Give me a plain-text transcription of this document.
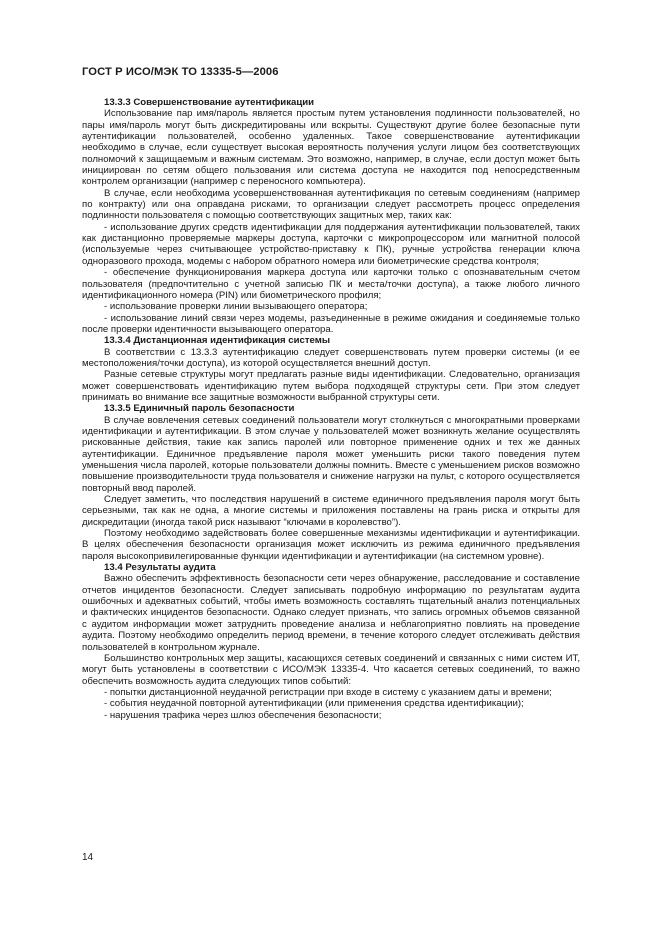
ГОСТ Р ИСО/МЭК ТО 13335-5—2006

13.3.3 Совершенствование аутентификации

Использование пар имя/пароль является простым путем установления подлинности пользователей, но пары имя/пароль могут быть дискредитированы или вскрыты. Существуют другие более безопасные пути аутентификации пользователей, особенно удаленных. Такое совершенствование аутентификации необходимо в случае, если существует высокая вероятность получения услуги лицом без соответствующих полномочий к защищаемым и важным системам. Это возможно, например, в случае, если доступ может быть инициирован по сетям общего пользования или система доступа не находится под непосредственным контролем организации (например с переносного компьютера).

В случае, если необходима усовершенствованная аутентификация по сетевым соединениям (например по контракту) или она оправдана рисками, то организации следует рассмотреть процесс определения подлинности пользователя с помощью соответствующих защитных мер, таких как:

- использование других средств идентификации для поддержания аутентификации пользователей, таких как дистанционно проверяемые маркеры доступа, карточки с микропроцессором или магнитной полосой (используемые через считывающее устройство-приставку к ПК), ручные устройства генерации ключа одноразового прохода, модемы с набором обратного номера или биометрические средства контроля;

- обеспечение функционирования маркера доступа или карточки только с опознавательным счетом пользователя (предпочтительно с учетной записью ПК и места/точки доступа), а также любого личного идентификационного номера (PIN) или биометрического профиля;

- использование проверки линии вызывающего оператора;

- использование линий связи через модемы, разъединенные в режиме ожидания и соединяемые только после проверки идентичности вызывающего оператора.

13.3.4 Дистанционная идентификация системы

В соответствии с 13.3.3 аутентификацию следует совершенствовать путем проверки системы (и ее местоположения/точки доступа), из которой осуществляется внешний доступ.

Разные сетевые структуры могут предлагать разные виды идентификации. Следовательно, организация может совершенствовать идентификацию путем выбора подходящей структуры сети. При этом следует принимать во внимание все защитные возможности выбранной структуры сети.

13.3.5 Единичный пароль безопасности

В случае вовлечения сетевых соединений пользователи могут столкнуться с многократными проверками идентификации и аутентификации. В этом случае у пользователей может возникнуть желание осуществлять рискованные действия, такие как запись паролей или повторное применение одних и тех же данных аутентификации. Единичное предъявление пароля может уменьшить риски такого поведения путем уменьшения числа паролей, которые пользователи должны помнить. Вместе с уменьшением рисков возможно повышение производительности труда пользователя и снижение нагрузки на пульт, с которого осуществляется повторный ввод паролей.

Следует заметить, что последствия нарушений в системе единичного предъявления пароля могут быть серьезными, так как не одна, а многие системы и приложения поставлены на грань риска и открыты для дискредитации (иногда такой риск называют “ключами в королевство”).

Поэтому необходимо задействовать более совершенные механизмы идентификации и аутентификации. В целях обеспечения безопасности организация может исключить из режима единичного предъявления пароля высокопривилегированные функции идентификации и аутентификации (на системном уровне).

13.4 Результаты аудита

Важно обеспечить эффективность безопасности сети через обнаружение, расследование и составление отчетов инцидентов безопасности. Следует записывать подробную информацию по результатам аудита ошибочных и адекватных событий, чтобы иметь возможность составлять тщательный анализ потенциальных и фактических инцидентов безопасности. Однако следует признать, что запись огромных объемов связанной с аудитом информации может затруднить проведение анализа и неблагоприятно повлиять на проведение аудита. Поэтому необходимо определить период времени, в течение которого следует отслеживать действия пользователей в контрольном журнале.

Большинство контрольных мер защиты, касающихся сетевых соединений и связанных с ними систем ИТ, могут быть установлены в соответствии с ИСО/МЭК 13335-4. Что касается сетевых соединений, то важно обеспечить возможность аудита следующих типов событий:

- попытки дистанционной неудачной регистрации при входе в систему с указанием даты и времени;

- события неудачной повторной аутентификации (или применения средства идентификации);

- нарушения трафика через шлюз обеспечения безопасности;

14
